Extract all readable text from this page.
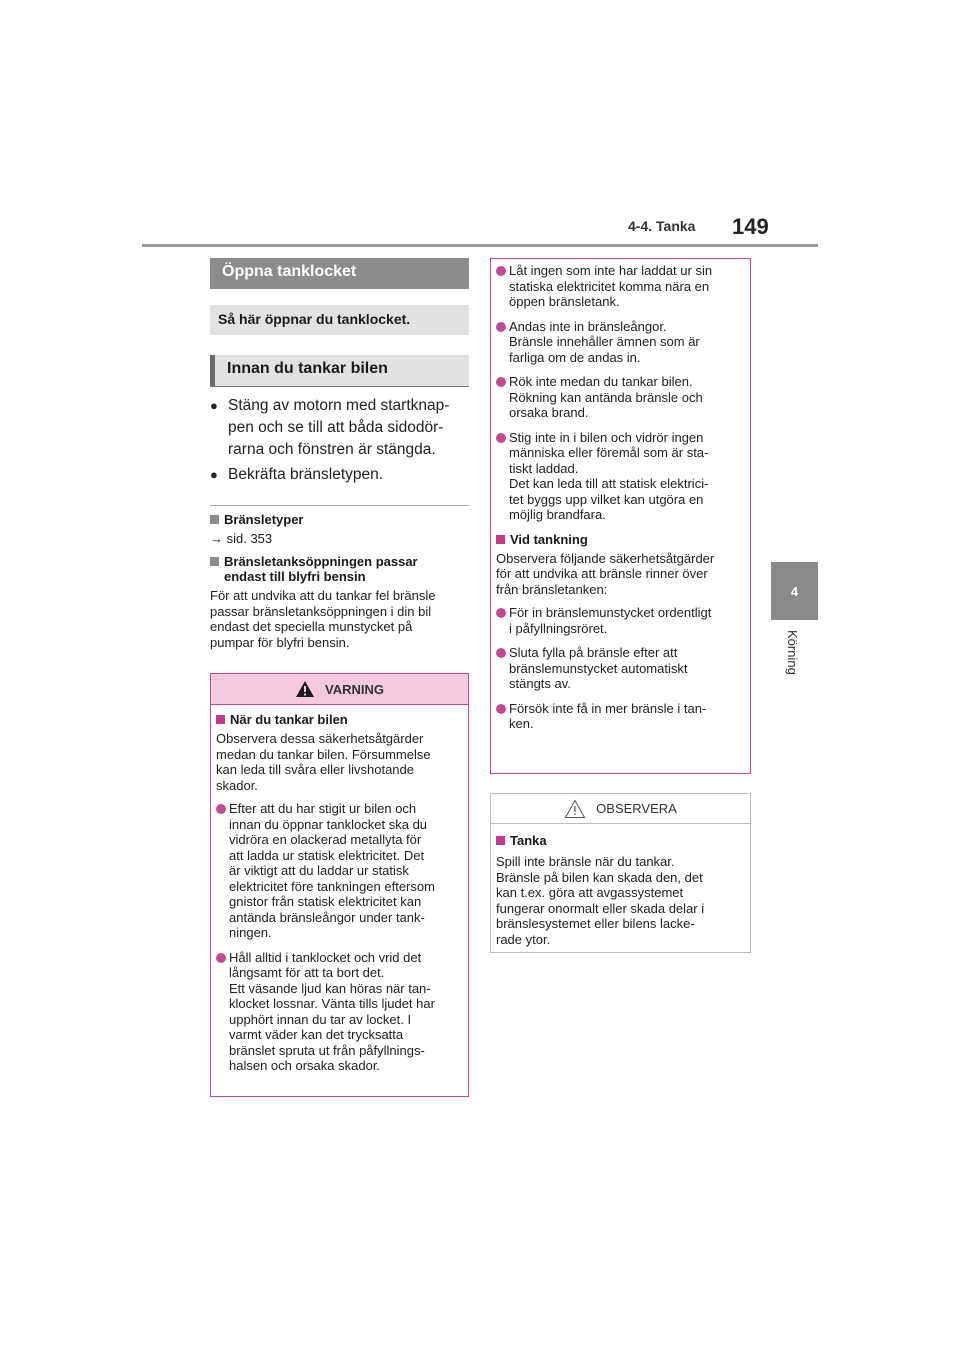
4-4. Tanka 149
4
Körning
Öppna tanklocket
Så här öppnar du tanklocket.
Innan du tankar bilen
● Stäng av motorn med startknap-
pen och se till att båda sidodör-
rarna och fönstren är stängda.
● Bekräfta bränsletypen.
Bränsletyper
→ sid. 353
Bränsletanksöppningen passar
endast till blyfri bensin
För att undvika att du tankar fel bränsle
passar bränsletanksöppningen i din bil
endast det speciella munstycket på
pumpar för blyfri bensin.
VARNING
När du tankar bilen
Observera dessa säkerhetsåtgärder
medan du tankar bilen. Försummelse
kan leda till svåra eller livshotande
skador.
Efter att du har stigit ur bilen och
innan du öppnar tanklocket ska du
vidröra en olackerad metallyta för
att ladda ur statisk elektricitet. Det
är viktigt att du laddar ur statisk
elektricitet före tankningen eftersom
gnistor från statisk elektricitet kan
antända bränsleångor under tank-
ningen.
Håll alltid i tanklocket och vrid det
långsamt för att ta bort det.
Ett väsande ljud kan höras när tan-
klocket lossnar. Vänta tills ljudet har
upphört innan du tar av locket. I
varmt väder kan det trycksatta
bränslet spruta ut från påfyllnings-
halsen och orsaka skador.
Låt ingen som inte har laddat ur sin
statiska elektricitet komma nära en
öppen bränsletank.
Andas inte in bränsleångor.
Bränsle innehåller ämnen som är
farliga om de andas in.
Rök inte medan du tankar bilen.
Rökning kan antända bränsle och
orsaka brand.
Stig inte in i bilen och vidrör ingen
människa eller föremål som är sta-
tiskt laddad.
Det kan leda till att statisk elektrici-
tet byggs upp vilket kan utgöra en
möjlig brandfara.
Vid tankning
Observera följande säkerhetsåtgärder
för att undvika att bränsle rinner över
från bränsletanken:
För in bränslemunstycket ordentligt
i påfyllningsröret.
Sluta fylla på bränsle efter att
bränslemunstycket automatiskt
stängts av.
Försök inte få in mer bränsle i tan-
ken.
OBSERVERA
Tanka
Spill inte bränsle när du tankar.
Bränsle på bilen kan skada den, det
kan t.ex. göra att avgassystemet
fungerar onormalt eller skada delar i
bränslesystemet eller bilens lacke-
rade ytor.
